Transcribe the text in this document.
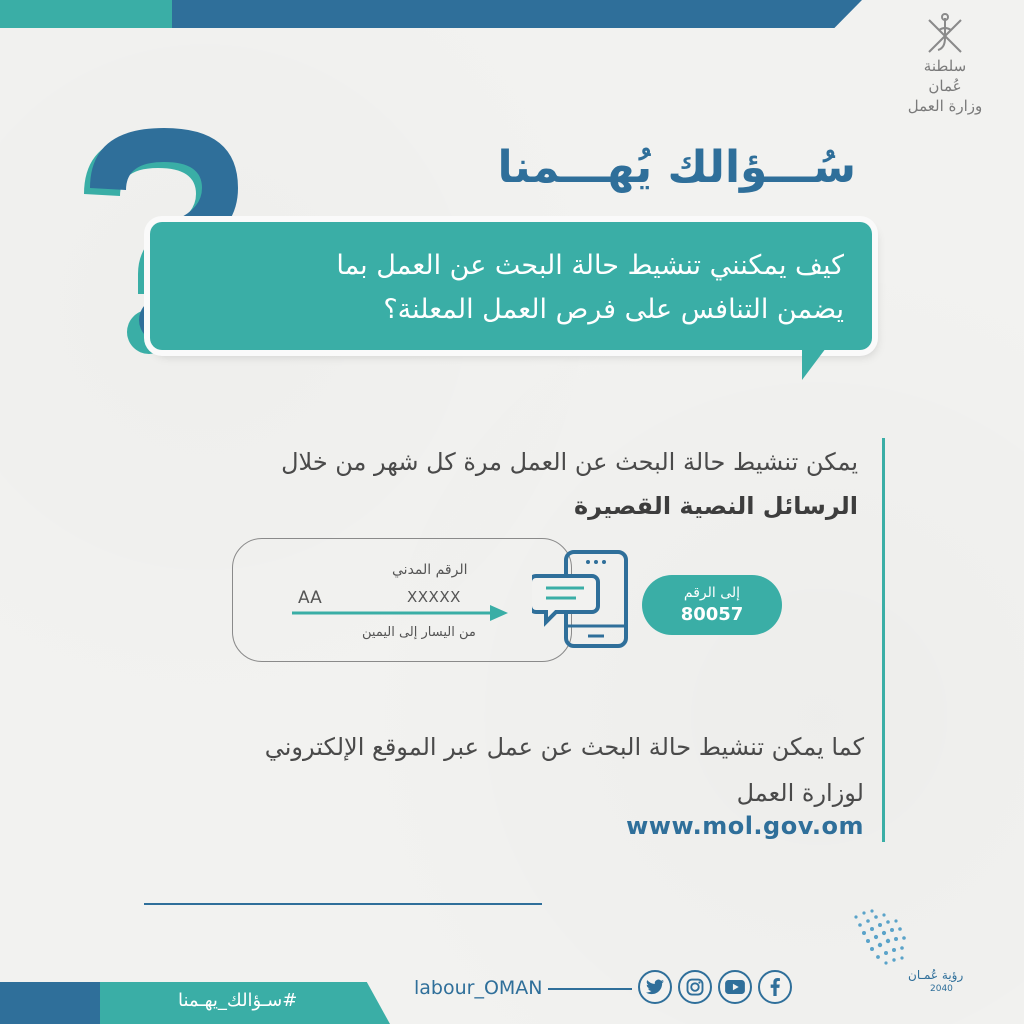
سلطنة عُمان
وزارة العمل
سُـــؤالك يُهـــمنا
كيف يمكنني تنشيط حالة البحث عن العمل بما
يضمن التنافس على فرص العمل المعلنة؟
يمكن تنشيط حالة البحث عن العمل مرة كل شهر من خلال
الرسائل النصية القصيرة
الرقم المدني
XXXXX
AA
من اليسار إلى اليمين
إلى الرقم
80057
كما يمكن تنشيط حالة البحث عن عمل عبر الموقع الإلكتروني
لوزارة العمل
www.mol.gov.om
#سـؤالك_يهـمنا
labour_OMAN
رؤية عُمـان
2040
